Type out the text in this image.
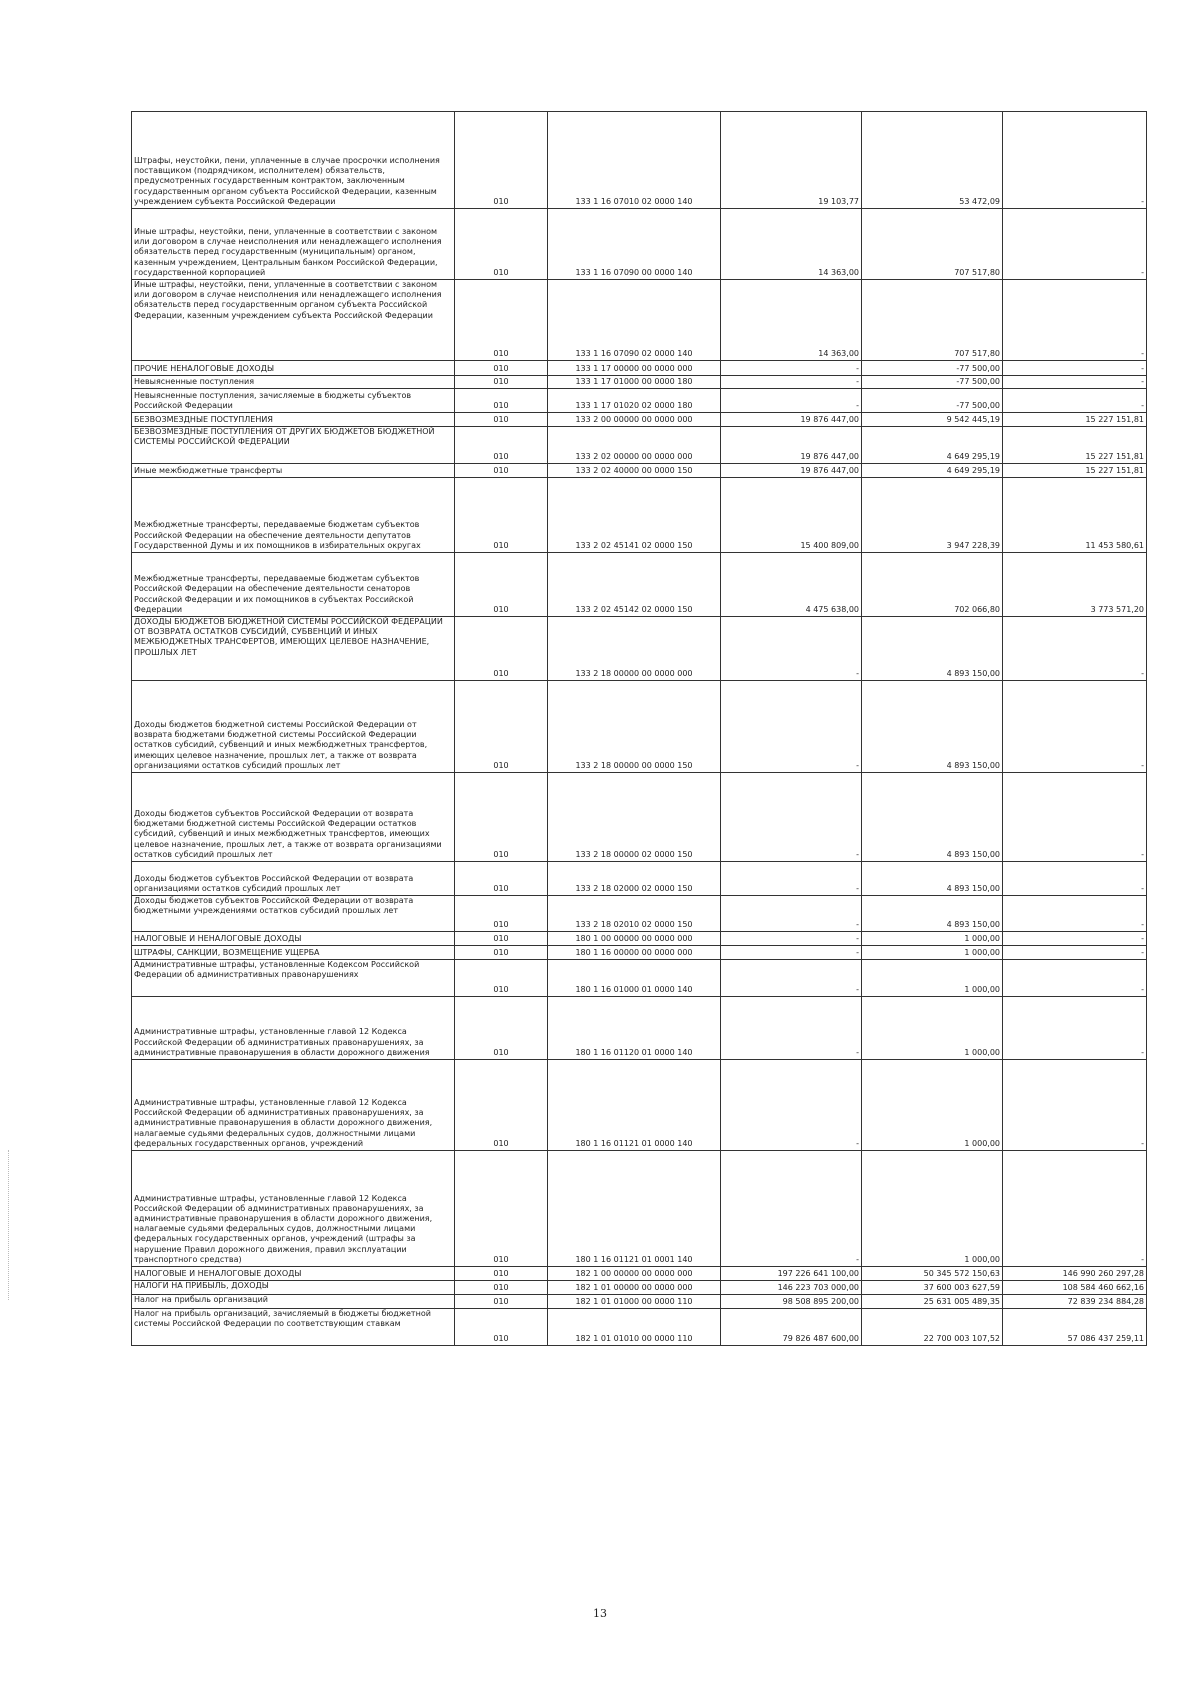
Штрафы, неустойки, пени, уплаченные в случае просрочки исполнения поставщиком (подрядчиком, исполнителем) обязательств, предусмотренных государственным контрактом, заключенным государственным органом субъекта Российской Федерации, казенным учреждением субъекта Российской Федерации	010	133 1 16 07010 02 0000 140	19 103,77	53 472,09	-
Иные штрафы, неустойки, пени, уплаченные в соответствии с законом или договором в случае неисполнения или ненадлежащего исполнения обязательств перед государственным (муниципальным) органом, казенным учреждением, Центральным банком Российской Федерации, государственной корпорацией	010	133 1 16 07090 00 0000 140	14 363,00	707 517,80	-
Иные штрафы, неустойки, пени, уплаченные в соответствии с законом или договором в случае неисполнения или ненадлежащего исполнения обязательств перед государственным органом субъекта Российской Федерации, казенным учреждением субъекта Российской Федерации	010	133 1 16 07090 02 0000 140	14 363,00	707 517,80	-
ПРОЧИЕ НЕНАЛОГОВЫЕ ДОХОДЫ	010	133 1 17 00000 00 0000 000	-	-77 500,00	-
Невыясненные поступления	010	133 1 17 01000 00 0000 180	-	-77 500,00	-
Невыясненные поступления, зачисляемые в бюджеты субъектов Российской Федерации	010	133 1 17 01020 02 0000 180	-	-77 500,00	-
БЕЗВОЗМЕЗДНЫЕ ПОСТУПЛЕНИЯ	010	133 2 00 00000 00 0000 000	19 876 447,00	9 542 445,19	15 227 151,81
БЕЗВОЗМЕЗДНЫЕ ПОСТУПЛЕНИЯ ОТ ДРУГИХ БЮДЖЕТОВ БЮДЖЕТНОЙ СИСТЕМЫ РОССИЙСКОЙ ФЕДЕРАЦИИ	010	133 2 02 00000 00 0000 000	19 876 447,00	4 649 295,19	15 227 151,81
Иные межбюджетные трансферты	010	133 2 02 40000 00 0000 150	19 876 447,00	4 649 295,19	15 227 151,81
Межбюджетные трансферты, передаваемые бюджетам субъектов Российской Федерации на обеспечение деятельности депутатов Государственной Думы и их помощников в избирательных округах	010	133 2 02 45141 02 0000 150	15 400 809,00	3 947 228,39	11 453 580,61
Межбюджетные трансферты, передаваемые бюджетам субъектов Российской Федерации на обеспечение деятельности сенаторов Российской Федерации и их помощников в субъектах Российской Федерации	010	133 2 02 45142 02 0000 150	4 475 638,00	702 066,80	3 773 571,20
ДОХОДЫ БЮДЖЕТОВ БЮДЖЕТНОЙ СИСТЕМЫ РОССИЙСКОЙ ФЕДЕРАЦИИ ОТ ВОЗВРАТА ОСТАТКОВ СУБСИДИЙ, СУБВЕНЦИЙ И ИНЫХ МЕЖБЮДЖЕТНЫХ ТРАНСФЕРТОВ, ИМЕЮЩИХ ЦЕЛЕВОЕ НАЗНАЧЕНИЕ, ПРОШЛЫХ ЛЕТ	010	133 2 18 00000 00 0000 000	-	4 893 150,00	-
Доходы бюджетов бюджетной системы Российской Федерации от возврата бюджетами бюджетной системы Российской Федерации остатков субсидий, субвенций и иных межбюджетных трансфертов, имеющих целевое назначение, прошлых лет, а также от возврата организациями остатков субсидий прошлых лет	010	133 2 18 00000 00 0000 150	-	4 893 150,00	-
Доходы бюджетов субъектов Российской Федерации от возврата бюджетами бюджетной системы Российской Федерации остатков субсидий, субвенций и иных межбюджетных трансфертов, имеющих целевое назначение, прошлых лет, а также от возврата организациями остатков субсидий прошлых лет	010	133 2 18 00000 02 0000 150	-	4 893 150,00	-
Доходы бюджетов субъектов Российской Федерации от возврата организациями остатков субсидий прошлых лет	010	133 2 18 02000 02 0000 150	-	4 893 150,00	-
Доходы бюджетов субъектов Российской Федерации от возврата бюджетными учреждениями остатков субсидий прошлых лет	010	133 2 18 02010 02 0000 150	-	4 893 150,00	-
НАЛОГОВЫЕ И НЕНАЛОГОВЫЕ ДОХОДЫ	010	180 1 00 00000 00 0000 000	-	1 000,00	-
ШТРАФЫ, САНКЦИИ, ВОЗМЕЩЕНИЕ УЩЕРБА	010	180 1 16 00000 00 0000 000	-	1 000,00	-
Административные штрафы, установленные Кодексом Российской Федерации об административных правонарушениях	010	180 1 16 01000 01 0000 140	-	1 000,00	-
Административные штрафы, установленные главой 12 Кодекса Российской Федерации об административных правонарушениях, за административные правонарушения в области дорожного движения	010	180 1 16 01120 01 0000 140	-	1 000,00	-
Административные штрафы, установленные главой 12 Кодекса Российской Федерации об административных правонарушениях, за административные правонарушения в области дорожного движения, налагаемые судьями федеральных судов, должностными лицами федеральных государственных органов, учреждений	010	180 1 16 01121 01 0000 140	-	1 000,00	-
Административные штрафы, установленные главой 12 Кодекса Российской Федерации об административных правонарушениях, за административные правонарушения в области дорожного движения, налагаемые судьями федеральных судов, должностными лицами федеральных государственных органов, учреждений (штрафы за нарушение Правил дорожного движения, правил эксплуатации транспортного средства)	010	180 1 16 01121 01 0001 140	-	1 000,00	-
НАЛОГОВЫЕ И НЕНАЛОГОВЫЕ ДОХОДЫ	010	182 1 00 00000 00 0000 000	197 226 641 100,00	50 345 572 150,63	146 990 260 297,28
НАЛОГИ НА ПРИБЫЛЬ, ДОХОДЫ	010	182 1 01 00000 00 0000 000	146 223 703 000,00	37 600 003 627,59	108 584 460 662,16
Налог на прибыль организаций	010	182 1 01 01000 00 0000 110	98 508 895 200,00	25 631 005 489,35	72 839 234 884,28
Налог на прибыль организаций, зачисляемый в бюджеты бюджетной системы Российской Федерации по соответствующим ставкам	010	182 1 01 01010 00 0000 110	79 826 487 600,00	22 700 003 107,52	57 086 437 259,11
13
